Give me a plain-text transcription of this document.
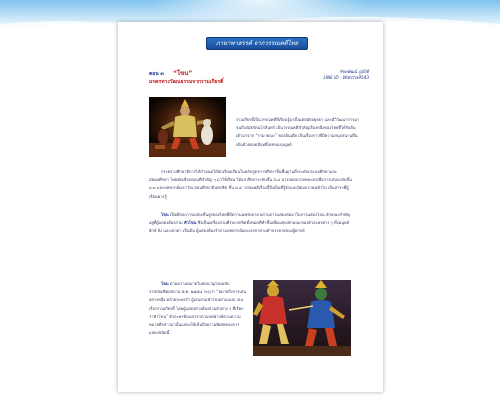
ภาษาพาสรรค์ จากวรรณคดีไทย
ตอน ๓ “โขน”
มรดกทางวัฒนธรรมจากรามเกียรติ์
รัชตพัฒน์ ภูมิกิติ
LINE ID : Watcha9543
รามเกียรติ์เป็นวรรณคดีที่เรียนรู้มาตั้งแต่สมัยอยุธยา และมีวิวัฒนาการมาจนถึงสมัยรัตนโกสินทร์ เป็นวรรณคดีสำคัญเรื่องหนึ่งของไทยที่ได้รับต้นเค้ามาจาก “รามายณะ” ของอินเดีย เป็นเรื่องราวที่มีความสนุกสนานตื่นเต้นด้วยลอดมีฤทธิ์เดชของมนุษย์
กระทรวงศึกษาธิการได้กำหนดให้นักเรียนเรียนในหลักสูตรการศึกษาขั้นพื้นฐานตั้งระดับประถมศึกษาและมัธยมศึกษา โดยคัดเลือกตอนที่สำคัญ ๆ มาใช้เรียน ได้แก่ ศึกษาระดับชั้น ป.๔ นางลอยจากบทละครเพื่อการเล่นระดับชั้น ม.๓ และบทพากย์เอราวัณ ตอนศึกษาอินทรชิต ชั้น ม.๔ วรรณคดีเรื่องนี้จึงเป็นที่รู้จักและนิยมจากคนทั่วไป เป็นสาระที่ผู้เรียนควรรู้
โขน เป็นศิลปะการแสดงขั้นสูงของไทยที่มีความแพร่หลาย ผสานการแสดงต่อมาในการแสดงโขน ลักษณะสำคัญอยู่ที่ผู้แสดงต้องสวม หัวโขน ซึ่งเป็นเครื่องสวมศีรษะปกปิดทั้งหมดที่ทำขึ้นเพื่อแสดงลักษณะของตัวละครต่าง ๆ ทั้งมนุษย์ ยักษ์ ลิง และเทวดา เป็นต้น ผู้แสดงต้องรำตามบทพากย์และเจรจาตามคำบรรยายของผู้พากย์
โขน ตามความหมายในพจนานุกรมฉบับราชบัณฑิตยสถาน พ.ศ. ๒๕๕๔ ระบุว่า “หมายถึงการเล่นอย่างหนึ่ง คล้ายละครรำ ผู้เล่นสวมหัวโขนตามแบบ เล่นเรื่องรามเกียรติ์ โดยผู้แสดงต่างต้องสวมหัวต่าง ๆ ที่เรียกว่าหัวโขน” ตัวละครต้องเจรจาตามบทพากย์ตามความหมายที่กล่าวมานั้นแสดงให้เห็นถึงความพิเศษของการแสดงชนิดนี้
